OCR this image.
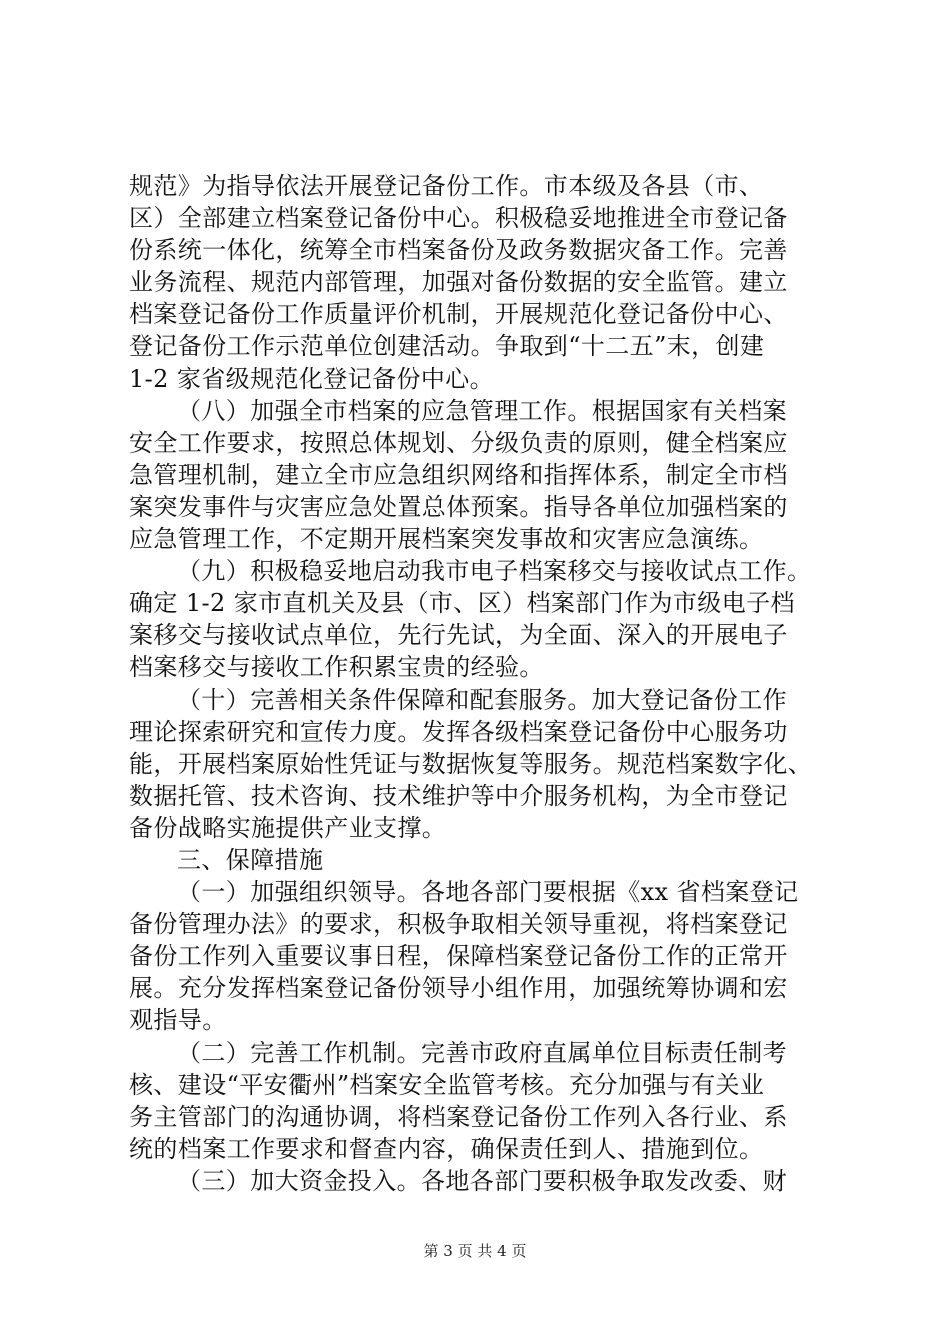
规范》为指导依法开展登记备份工作。市本级及各县（市、
区）全部建立档案登记备份中心。积极稳妥地推进全市登记备
份系统一体化，统筹全市档案备份及政务数据灾备工作。完善
业务流程、规范内部管理，加强对备份数据的安全监管。建立
档案登记备份工作质量评价机制，开展规范化登记备份中心、
登记备份工作示范单位创建活动。争取到“十二五”末，创建
1-2 家省级规范化登记备份中心。
（八）加强全市档案的应急管理工作。根据国家有关档案
安全工作要求，按照总体规划、分级负责的原则，健全档案应
急管理机制，建立全市应急组织网络和指挥体系，制定全市档
案突发事件与灾害应急处置总体预案。指导各单位加强档案的
应急管理工作，不定期开展档案突发事故和灾害应急演练。
（九）积极稳妥地启动我市电子档案移交与接收试点工作。
确定 1-2 家市直机关及县（市、区）档案部门作为市级电子档
案移交与接收试点单位，先行先试，为全面、深入的开展电子
档案移交与接收工作积累宝贵的经验。
（十）完善相关条件保障和配套服务。加大登记备份工作
理论探索研究和宣传力度。发挥各级档案登记备份中心服务功
能，开展档案原始性凭证与数据恢复等服务。规范档案数字化、
数据托管、技术咨询、技术维护等中介服务机构，为全市登记
备份战略实施提供产业支撑。
三、保障措施
（一）加强组织领导。各地各部门要根据《xx 省档案登记
备份管理办法》的要求，积极争取相关领导重视，将档案登记
备份工作列入重要议事日程，保障档案登记备份工作的正常开
展。充分发挥档案登记备份领导小组作用，加强统筹协调和宏
观指导。
（二）完善工作机制。完善市政府直属单位目标责任制考
核、建设“平安衢州”档案安全监管考核。充分加强与有关业
务主管部门的沟通协调，将档案登记备份工作列入各行业、系
统的档案工作要求和督查内容，确保责任到人、措施到位。
（三）加大资金投入。各地各部门要积极争取发改委、财
第 3 页 共 4 页
